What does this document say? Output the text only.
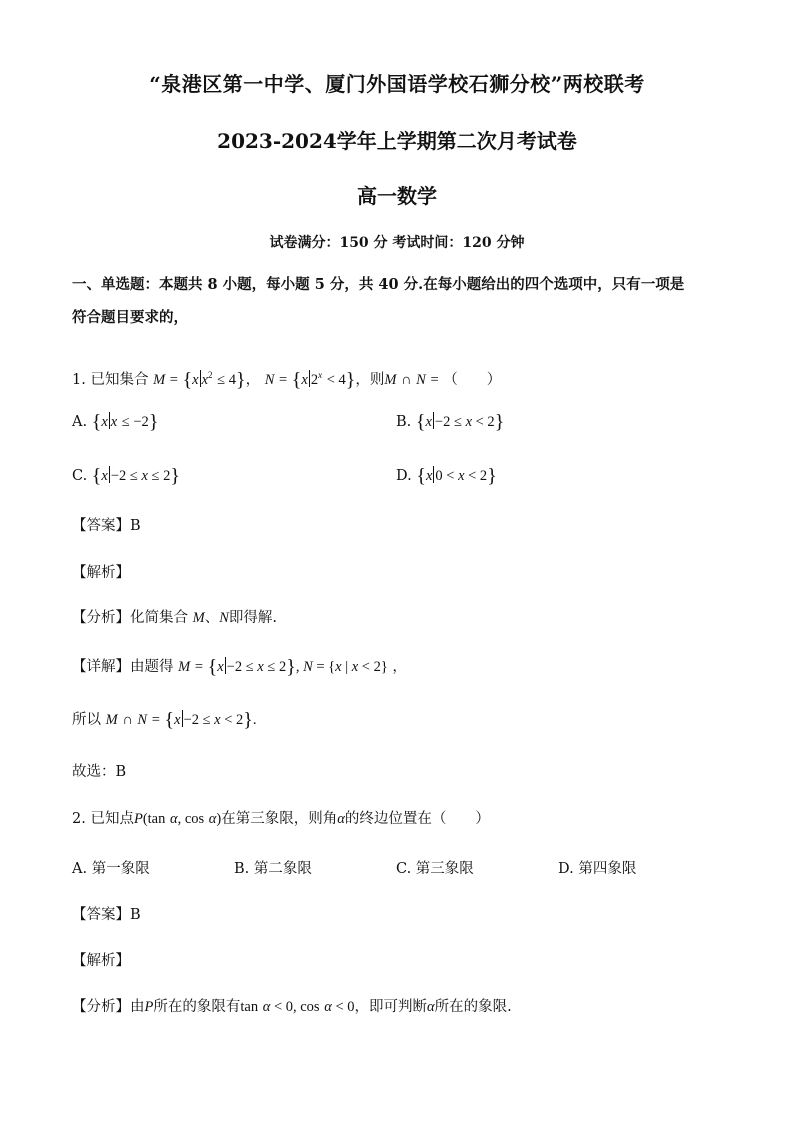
“泉港区第一中学、厦门外国语学校石狮分校”两校联考
2023-2024学年上学期第二次月考试卷
高一数学
试卷满分：150 分 考试时间：120 分钟
一、单选题：本题共 8 小题，每小题 5 分，共 40 分.在每小题给出的四个选项中，只有一项是
符合题目要求的，
1. 已知集合 M = {x $x^2 \le 4$}， N = {x $2^x < 4$}，则M ∩ N = （　　）
A. {x x ≤ −2}	B. {x −2 ≤ x < 2}
C. {x −2 ≤ x ≤ 2}	D. {x 0 < x < 2}
【答案】B
【解析】
【分析】化简集合 M、N即得解.
【详解】由题得 M = {x −2 ≤ x ≤ 2}, N = {x | x < 2} ，
所以 M ∩ N = {x −2 ≤ x < 2}.
故选：B
2. 已知点P(tan α, cos α)在第三象限，则角α的终边位置在（　　）
A. 第一象限	B. 第二象限	C. 第三象限	D. 第四象限
【答案】B
【解析】
【分析】由P所在的象限有tan α < 0, cos α < 0，即可判断α所在的象限.
